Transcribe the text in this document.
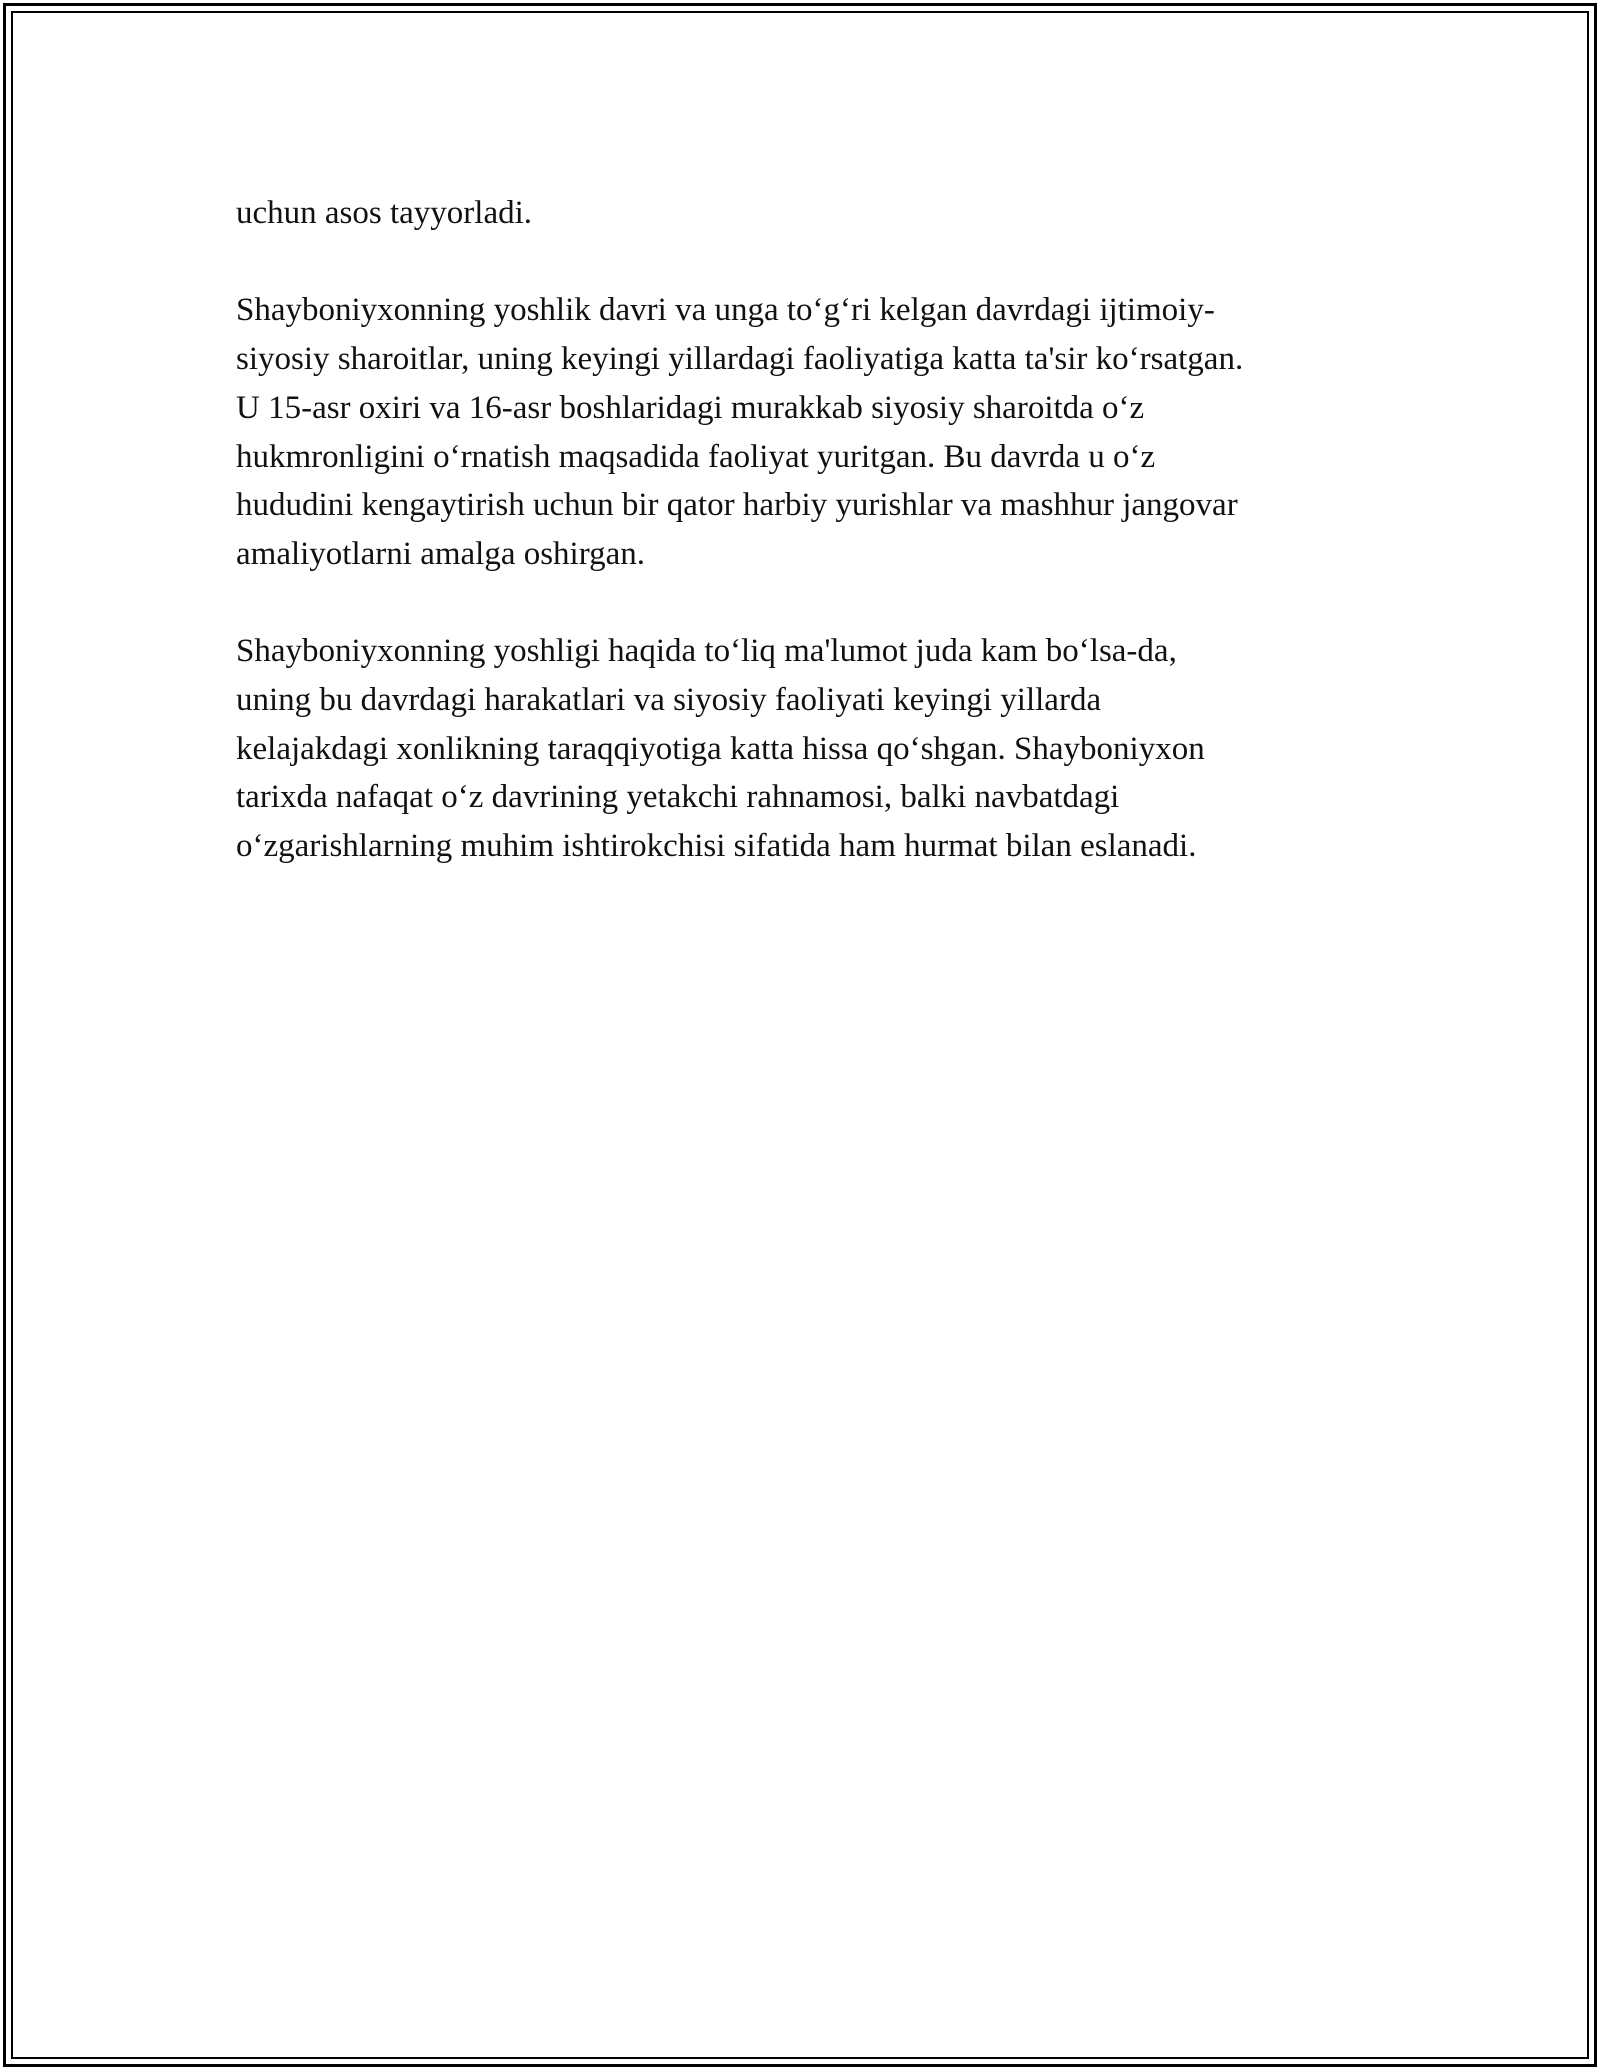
uchun asos tayyorladi.

Shayboniyxonning yoshlik davri va unga to‘g‘ri kelgan davrdagi ijtimoiy-
siyosiy sharoitlar, uning keyingi yillardagi faoliyatiga katta ta'sir ko‘rsatgan.
U 15-asr oxiri va 16-asr boshlaridagi murakkab siyosiy sharoitda o‘z
hukmronligini o‘rnatish maqsadida faoliyat yuritgan. Bu davrda u o‘z
hududini kengaytirish uchun bir qator harbiy yurishlar va mashhur jangovar
amaliyotlarni amalga oshirgan.

Shayboniyxonning yoshligi haqida to‘liq ma'lumot juda kam bo‘lsa-da,
uning bu davrdagi harakatlari va siyosiy faoliyati keyingi yillarda
kelajakdagi xonlikning taraqqiyotiga katta hissa qo‘shgan. Shayboniyxon
tarixda nafaqat o‘z davrining yetakchi rahnamosi, balki navbatdagi
o‘zgarishlarning muhim ishtirokchisi sifatida ham hurmat bilan eslanadi.
